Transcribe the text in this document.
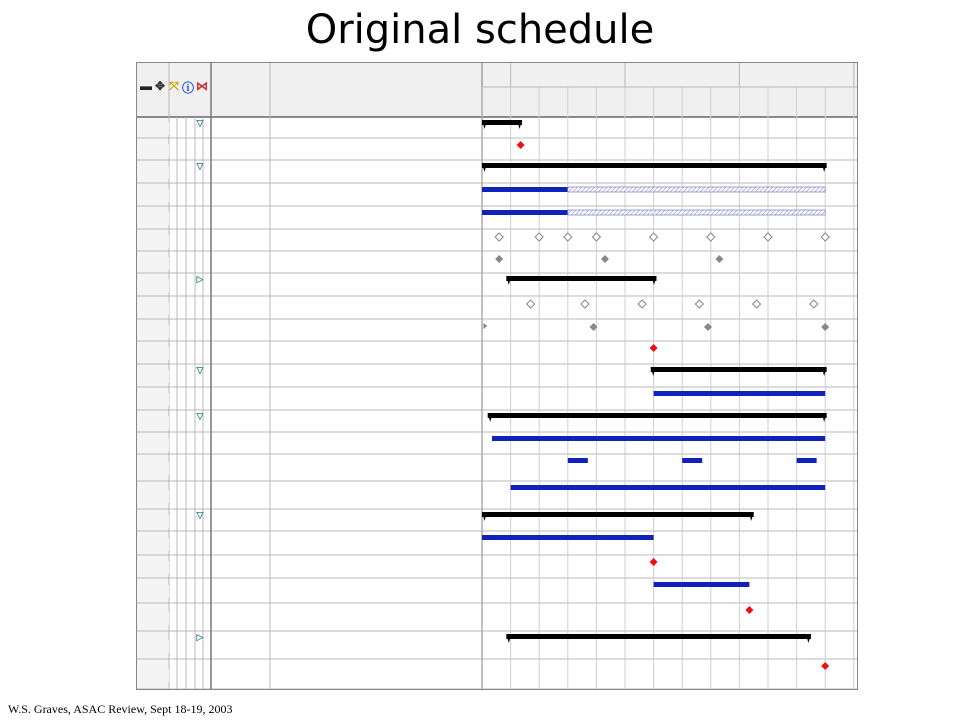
Original schedule
▬ ✥ ⤧ ⓘ ⋈
▽
▽
▷
▽
▽
▽
▷
W.S. Graves, ASAC Review, Sept 18-19, 2003
